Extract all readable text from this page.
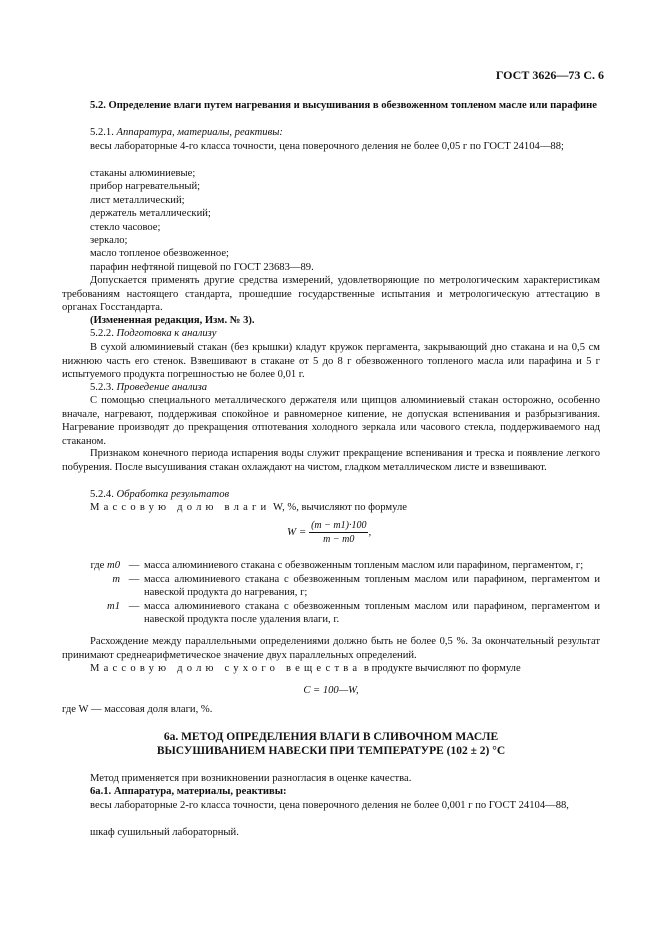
ГОСТ 3626—73 С. 6
5.2. Определение влаги путем нагревания и высушивания в обезвоженном топленом масле или парафине
5.2.1. Аппаратура, материалы, реактивы:
весы лабораторные 4-го класса точности, цена поверочного деления не более 0,05 г по ГОСТ 24104—88;
стаканы алюминиевые;
прибор нагревательный;
лист металлический;
держатель металлический;
стекло часовое;
зеркало;
масло топленое обезвоженное;
парафин нефтяной пищевой по ГОСТ 23683—89.
Допускается применять другие средства измерений, удовлетворяющие по метрологическим характеристикам требованиям настоящего стандарта, прошедшие государственные испытания и метрологическую аттестацию в органах Госстандарта.
(Измененная редакция, Изм. № 3).
5.2.2. Подготовка к анализу
В сухой алюминиевый стакан (без крышки) кладут кружок пергамента, закрывающий дно стакана и на 0,5 см нижнюю часть его стенок. Взвешивают в стакане от 5 до 8 г обезвоженного топленого масла или парафина и 5 г испытуемого продукта погрешностью не более 0,01 г.
5.2.3. Проведение анализа
С помощью специального металлического держателя или щипцов алюминиевый стакан осторожно, особенно вначале, нагревают, поддерживая спокойное и равномерное кипение, не допуская вспенивания и разбрызгивания. Нагревание производят до прекращения отпотевания холодного зеркала или часового стекла, поддерживаемого над стаканом.
Признаком конечного периода испарения воды служит прекращение вспенивания и треска и появление легкого побурения. После высушивания стакан охлаждают на чистом, гладком металлическом листе и взвешивают.
5.2.4. Обработка результатов
Массовую долю влаги W, %, вычисляют по формуле
$W = \frac{(m - m1)\cdot 100}{m - m0}$ ,
где m0 — масса алюминиевого стакана с обезвоженным топленым маслом или парафином, пергаментом, г;
m — масса алюминиевого стакана с обезвоженным топленым маслом или парафином, пергаментом и навеской продукта до нагревания, г;
m1 — масса алюминиевого стакана с обезвоженным топленым маслом или парафином, пергаментом и навеской продукта после удаления влаги, г.
Расхождение между параллельными определениями должно быть не более 0,5 %. За окончательный результат принимают среднеарифметическое значение двух параллельных определений.
Массовую долю сухого вещества в продукте вычисляют по формуле
C = 100—W,
где W — массовая доля влаги, %.
6а. МЕТОД ОПРЕДЕЛЕНИЯ ВЛАГИ В СЛИВОЧНОМ МАСЛЕ
ВЫСУШИВАНИЕМ НАВЕСКИ ПРИ ТЕМПЕРАТУРЕ (102 ± 2) °С
Метод применяется при возникновении разногласия в оценке качества.
6а.1. Аппаратура, материалы, реактивы:
весы лабораторные 2-го класса точности, цена поверочного деления не более 0,001 г по ГОСТ 24104—88,
шкаф сушильный лабораторный.
